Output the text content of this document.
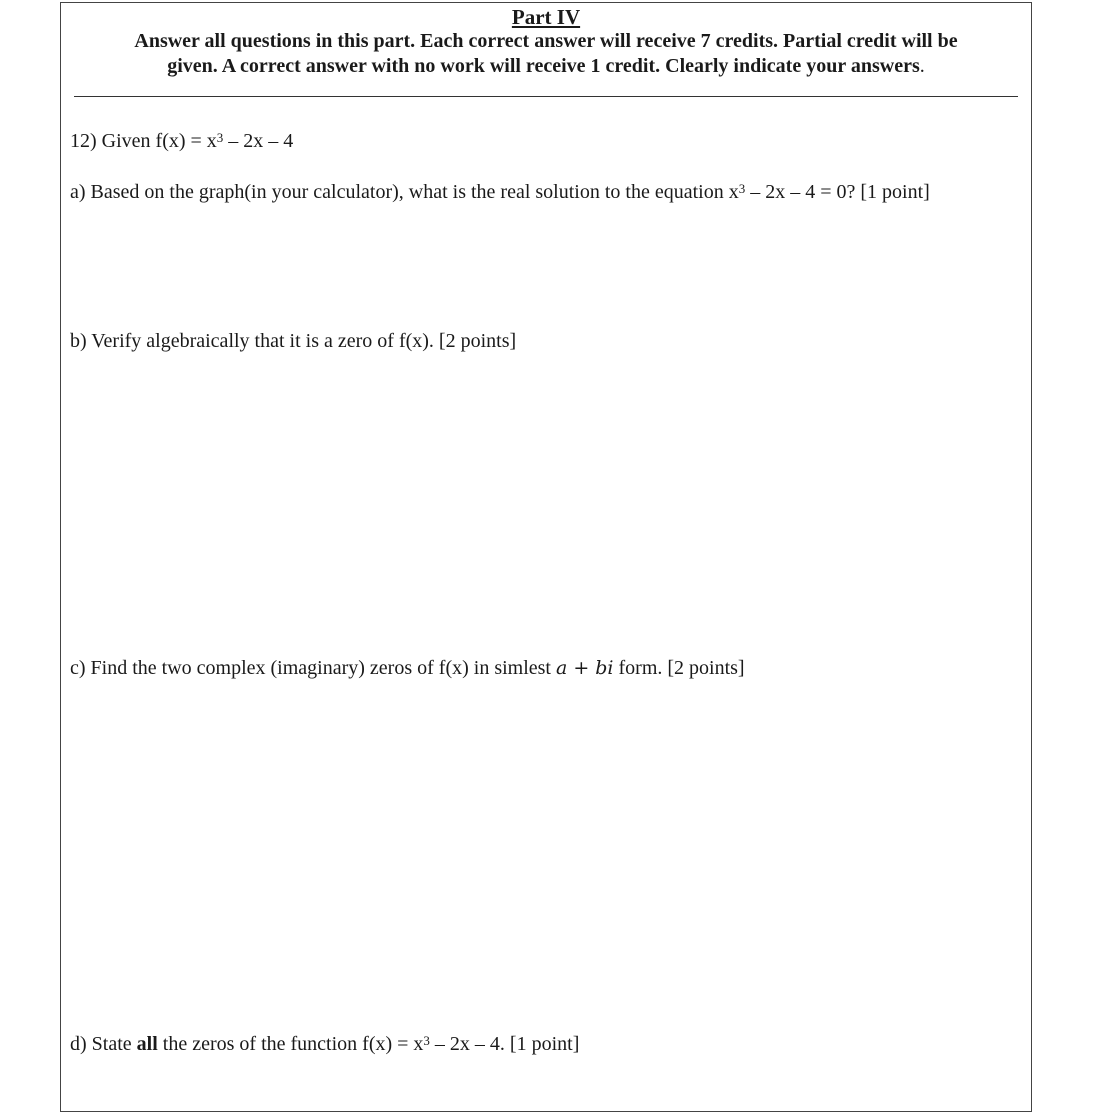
Part IV

Answer all questions in this part. Each correct answer will receive 7 credits. Partial credit will be
given. A correct answer with no work will receive 1 credit. Clearly indicate your answers.

12) Given $f(x) = x^3 - 2x - 4$
a) Based on the graph(in your calculator), what is the real solution to the equation $x^3 - 2x - 4 = 0$? [1 point]
b) Verify algebraically that it is a zero of f(x). [2 points]
c) Find the two complex (imaginary) zeros of f(x) in simlest a + bi form. [2 points]
d) State all the zeros of the function $f(x) = x^3 - 2x - 4$. [1 point]
